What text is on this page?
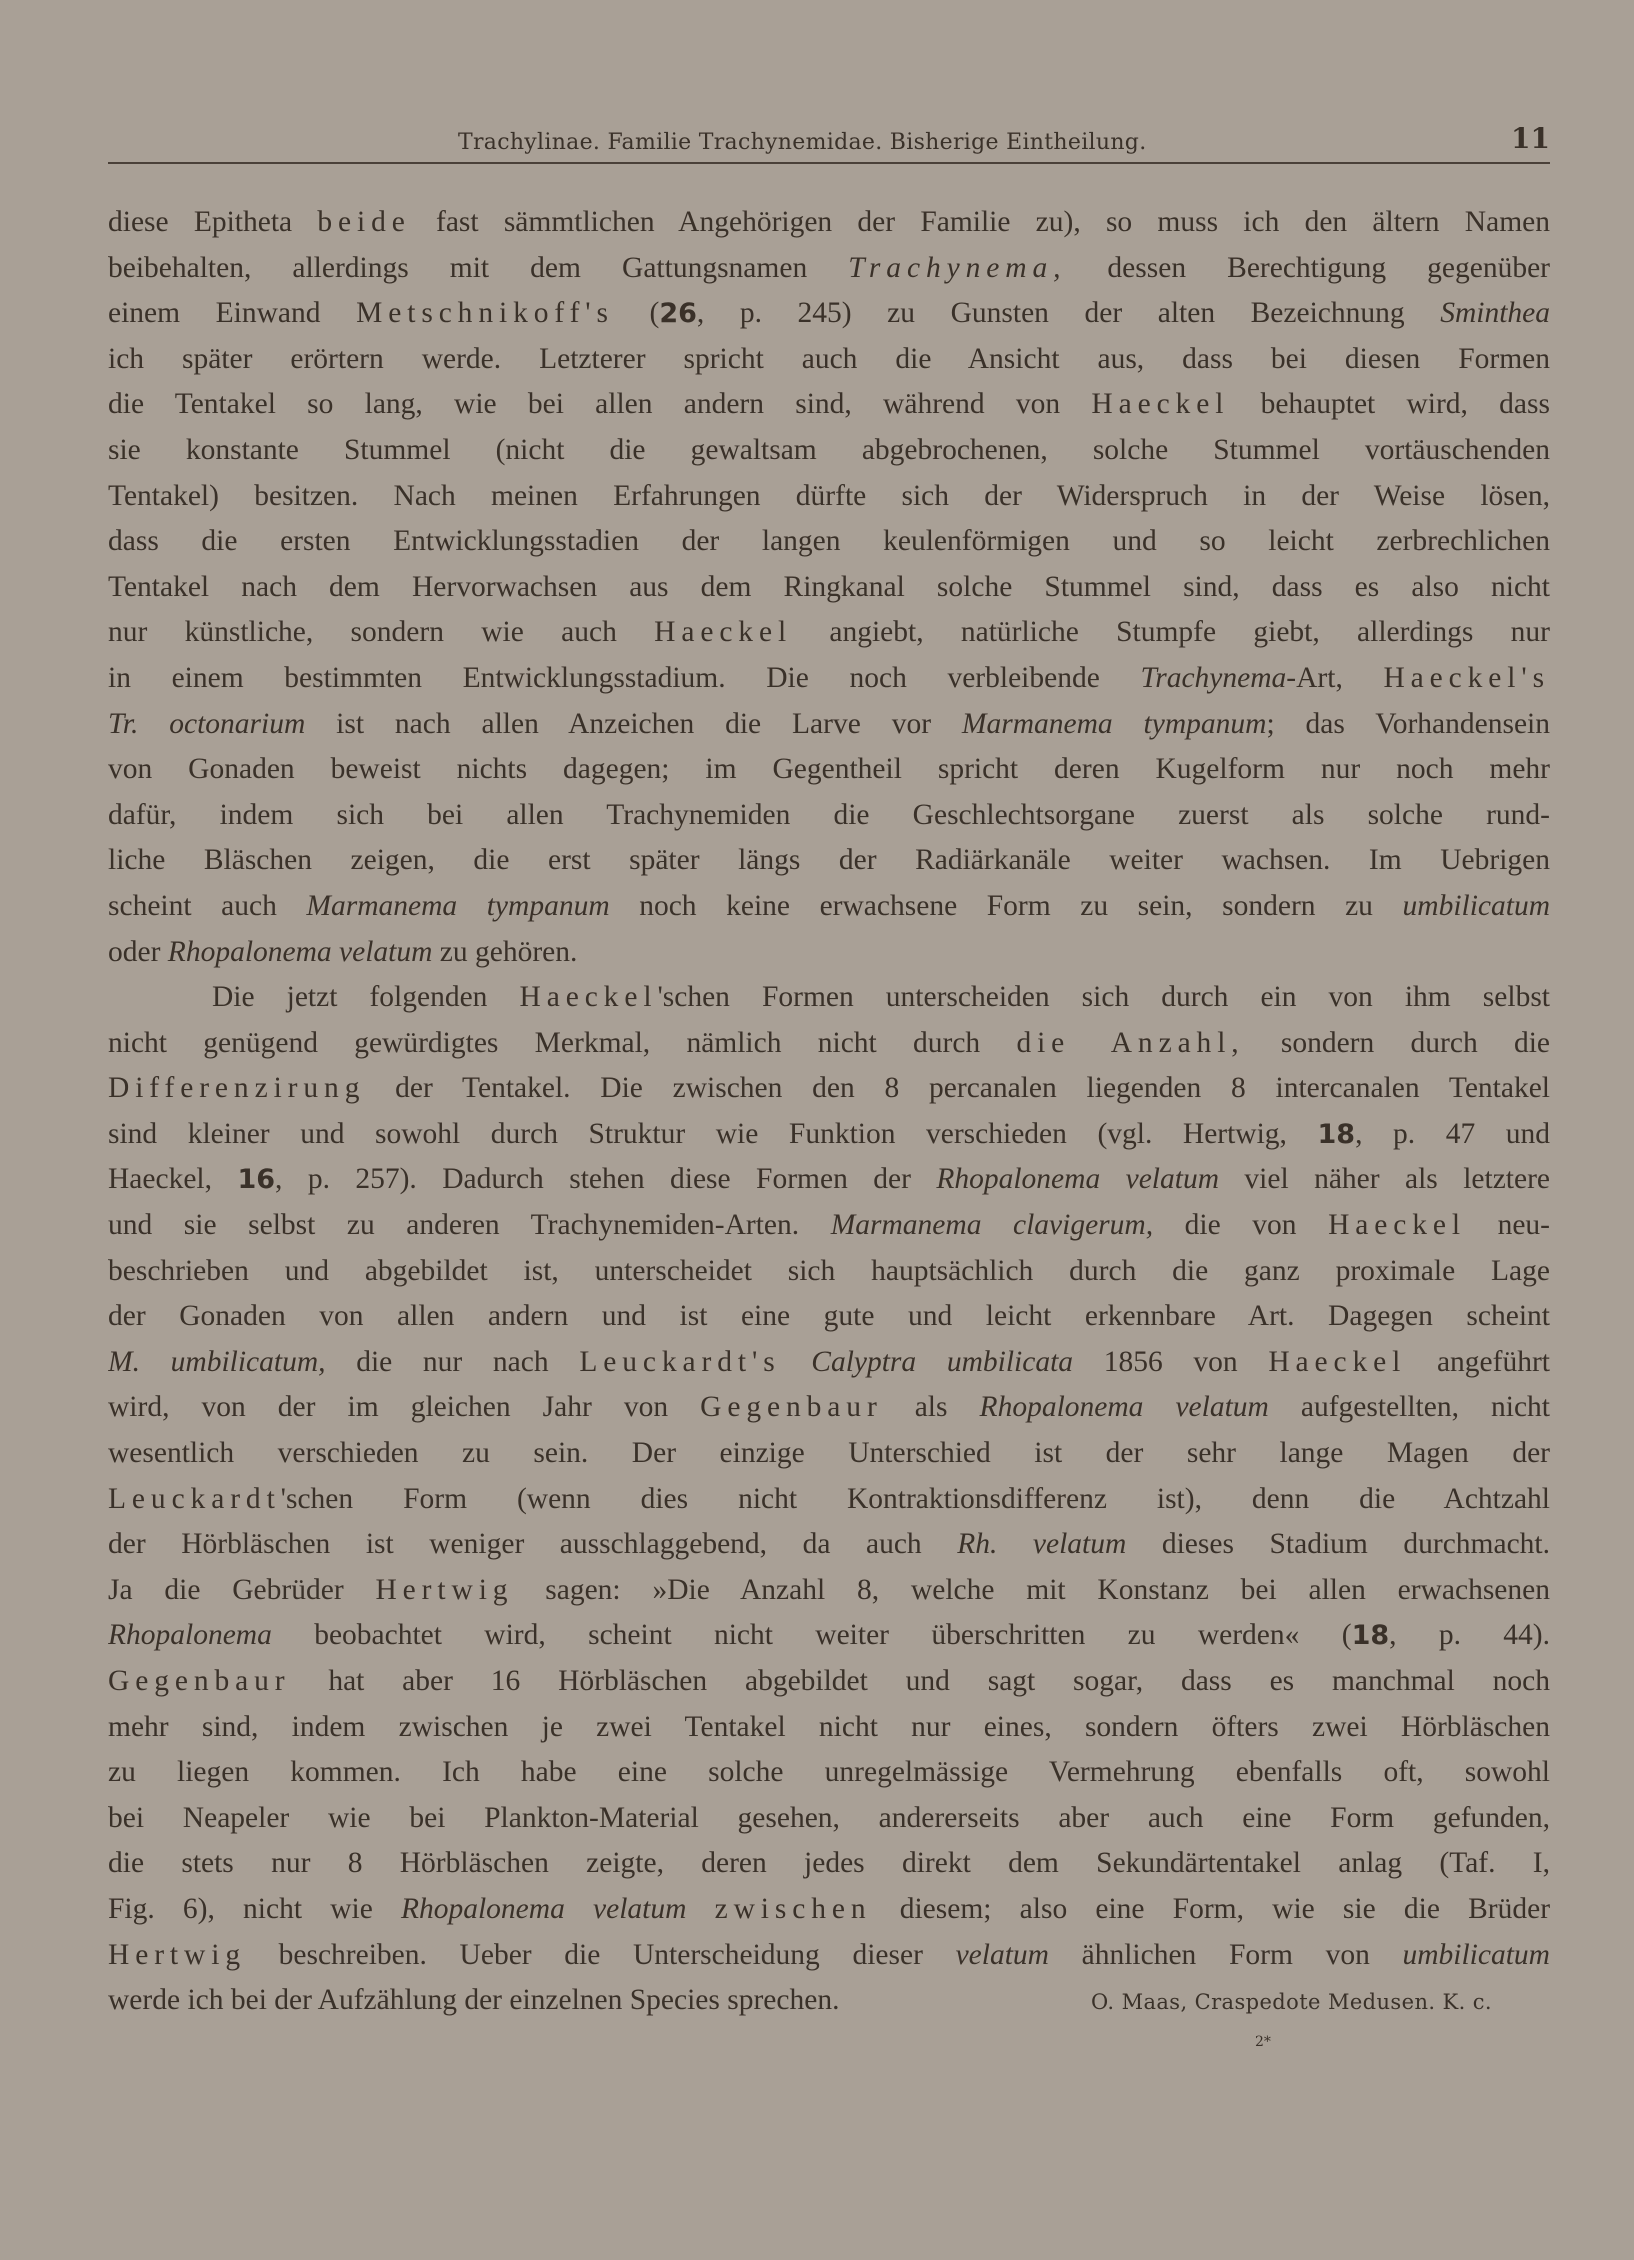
Trachylinae. Familie Trachynemidae. Bisherige Eintheilung.	11
diese Epitheta beide fast sämmtlichen Angehörigen der Familie zu), so muss ich den ältern Namen
beibehalten, allerdings mit dem Gattungsnamen Trachynema, dessen Berechtigung gegenüber
einem Einwand Metschnikoff's (26, p. 245) zu Gunsten der alten Bezeichnung Sminthea
ich später erörtern werde. Letzterer spricht auch die Ansicht aus, dass bei diesen Formen
die Tentakel so lang, wie bei allen andern sind, während von Haeckel behauptet wird, dass
sie konstante Stummel (nicht die gewaltsam abgebrochenen, solche Stummel vortäuschenden
Tentakel) besitzen. Nach meinen Erfahrungen dürfte sich der Widerspruch in der Weise lösen,
dass die ersten Entwicklungsstadien der langen keulenförmigen und so leicht zerbrechlichen
Tentakel nach dem Hervorwachsen aus dem Ringkanal solche Stummel sind, dass es also nicht
nur künstliche, sondern wie auch Haeckel angiebt, natürliche Stumpfe giebt, allerdings nur
in einem bestimmten Entwicklungsstadium. Die noch verbleibende Trachynema-Art, Haeckel's
Tr. octonarium ist nach allen Anzeichen die Larve vor Marmanema tympanum; das Vorhandensein
von Gonaden beweist nichts dagegen; im Gegentheil spricht deren Kugelform nur noch mehr
dafür, indem sich bei allen Trachynemiden die Geschlechtsorgane zuerst als solche rund-
liche Bläschen zeigen, die erst später längs der Radiärkanäle weiter wachsen. Im Uebrigen
scheint auch Marmanema tympanum noch keine erwachsene Form zu sein, sondern zu umbilicatum
oder Rhopalonema velatum zu gehören.
Die jetzt folgenden Haeckel'schen Formen unterscheiden sich durch ein von ihm selbst
nicht genügend gewürdigtes Merkmal, nämlich nicht durch die Anzahl, sondern durch die
Differenzirung der Tentakel. Die zwischen den 8 percanalen liegenden 8 intercanalen Tentakel
sind kleiner und sowohl durch Struktur wie Funktion verschieden (vgl. Hertwig, 18, p. 47 und
Haeckel, 16, p. 257). Dadurch stehen diese Formen der Rhopalonema velatum viel näher als letztere
und sie selbst zu anderen Trachynemiden-Arten. Marmanema clavigerum, die von Haeckel neu-
beschrieben und abgebildet ist, unterscheidet sich hauptsächlich durch die ganz proximale Lage
der Gonaden von allen andern und ist eine gute und leicht erkennbare Art. Dagegen scheint
M. umbilicatum, die nur nach Leuckardt's Calyptra umbilicata 1856 von Haeckel angeführt
wird, von der im gleichen Jahr von Gegenbaur als Rhopalonema velatum aufgestellten, nicht
wesentlich verschieden zu sein. Der einzige Unterschied ist der sehr lange Magen der
Leuckardt'schen Form (wenn dies nicht Kontraktionsdifferenz ist), denn die Achtzahl
der Hörbläschen ist weniger ausschlaggebend, da auch Rh. velatum dieses Stadium durchmacht.
Ja die Gebrüder Hertwig sagen: »Die Anzahl 8, welche mit Konstanz bei allen erwachsenen
Rhopalonema beobachtet wird, scheint nicht weiter überschritten zu werden« (18, p. 44).
Gegenbaur hat aber 16 Hörbläschen abgebildet und sagt sogar, dass es manchmal noch
mehr sind, indem zwischen je zwei Tentakel nicht nur eines, sondern öfters zwei Hörbläschen
zu liegen kommen. Ich habe eine solche unregelmässige Vermehrung ebenfalls oft, sowohl
bei Neapeler wie bei Plankton-Material gesehen, andererseits aber auch eine Form gefunden,
die stets nur 8 Hörbläschen zeigte, deren jedes direkt dem Sekundärtentakel anlag (Taf. I,
Fig. 6), nicht wie Rhopalonema velatum zwischen diesem; also eine Form, wie sie die Brüder
Hertwig beschreiben. Ueber die Unterscheidung dieser velatum ähnlichen Form von umbilicatum
werde ich bei der Aufzählung der einzelnen Species sprechen.	O. Maas, Craspedote Medusen. K. c.
2*
